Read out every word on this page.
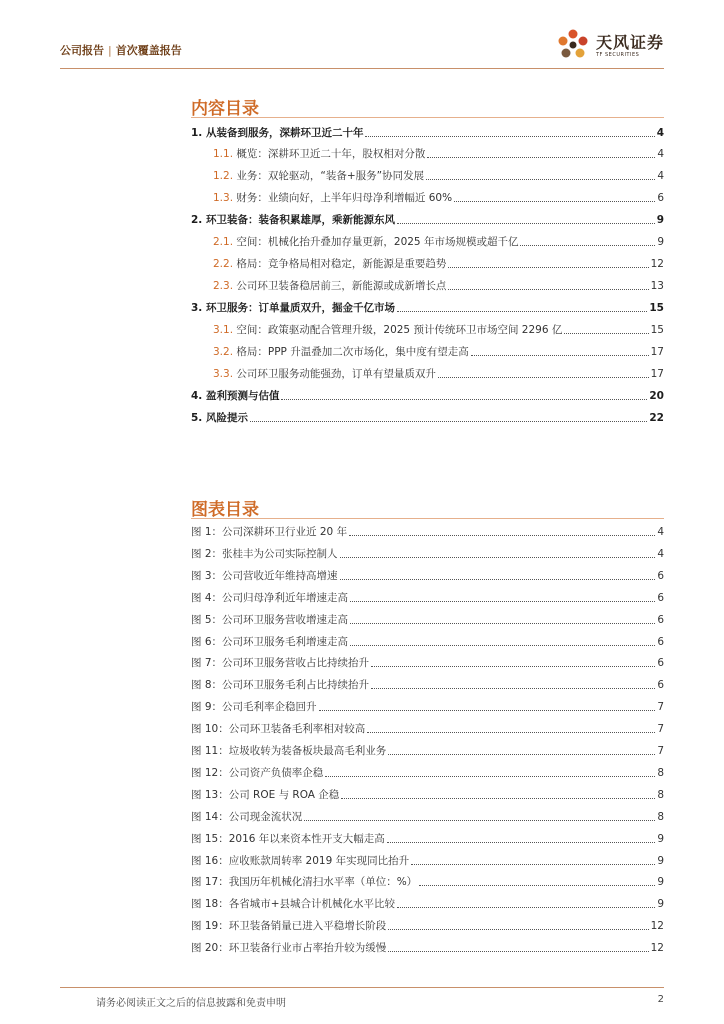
公司报告 | 首次覆盖报告	天风证券
TF SECURITIES
内容目录
1. 从装备到服务，深耕环卫近二十年	4
1.1. 概览：深耕环卫近二十年，股权相对分散	4
1.2. 业务：双轮驱动，“装备+服务”协同发展	4
1.3. 财务：业绩向好，上半年归母净利增幅近 60%	6
2. 环卫装备：装备积累雄厚，乘新能源东风	9
2.1. 空间：机械化抬升叠加存量更新，2025 年市场规模或超千亿	9
2.2. 格局：竞争格局相对稳定，新能源是重要趋势	12
2.3. 公司环卫装备稳居前三，新能源或成新增长点	13
3. 环卫服务：订单量质双升，掘金千亿市场	15
3.1. 空间：政策驱动配合管理升级，2025 预计传统环卫市场空间 2296 亿	15
3.2. 格局：PPP 升温叠加二次市场化，集中度有望走高	17
3.3. 公司环卫服务动能强劲，订单有望量质双升	17
4. 盈利预测与估值	20
5. 风险提示	22
图表目录
图 1：公司深耕环卫行业近 20 年	4
图 2：张桂丰为公司实际控制人	4
图 3：公司营收近年维持高增速	6
图 4：公司归母净利近年增速走高	6
图 5：公司环卫服务营收增速走高	6
图 6：公司环卫服务毛利增速走高	6
图 7：公司环卫服务营收占比持续抬升	6
图 8：公司环卫服务毛利占比持续抬升	6
图 9：公司毛利率企稳回升	7
图 10：公司环卫装备毛利率相对较高	7
图 11：垃圾收转为装备板块最高毛利业务	7
图 12：公司资产负债率企稳	8
图 13：公司 ROE 与 ROA 企稳	8
图 14：公司现金流状况	8
图 15：2016 年以来资本性开支大幅走高	9
图 16：应收账款周转率 2019 年实现同比抬升	9
图 17：我国历年机械化清扫水平率（单位：%）	9
图 18：各省城市+县城合计机械化水平比较	9
图 19：环卫装备销量已进入平稳增长阶段	12
图 20：环卫装备行业市占率抬升较为缓慢	12
请务必阅读正文之后的信息披露和免责申明	2
